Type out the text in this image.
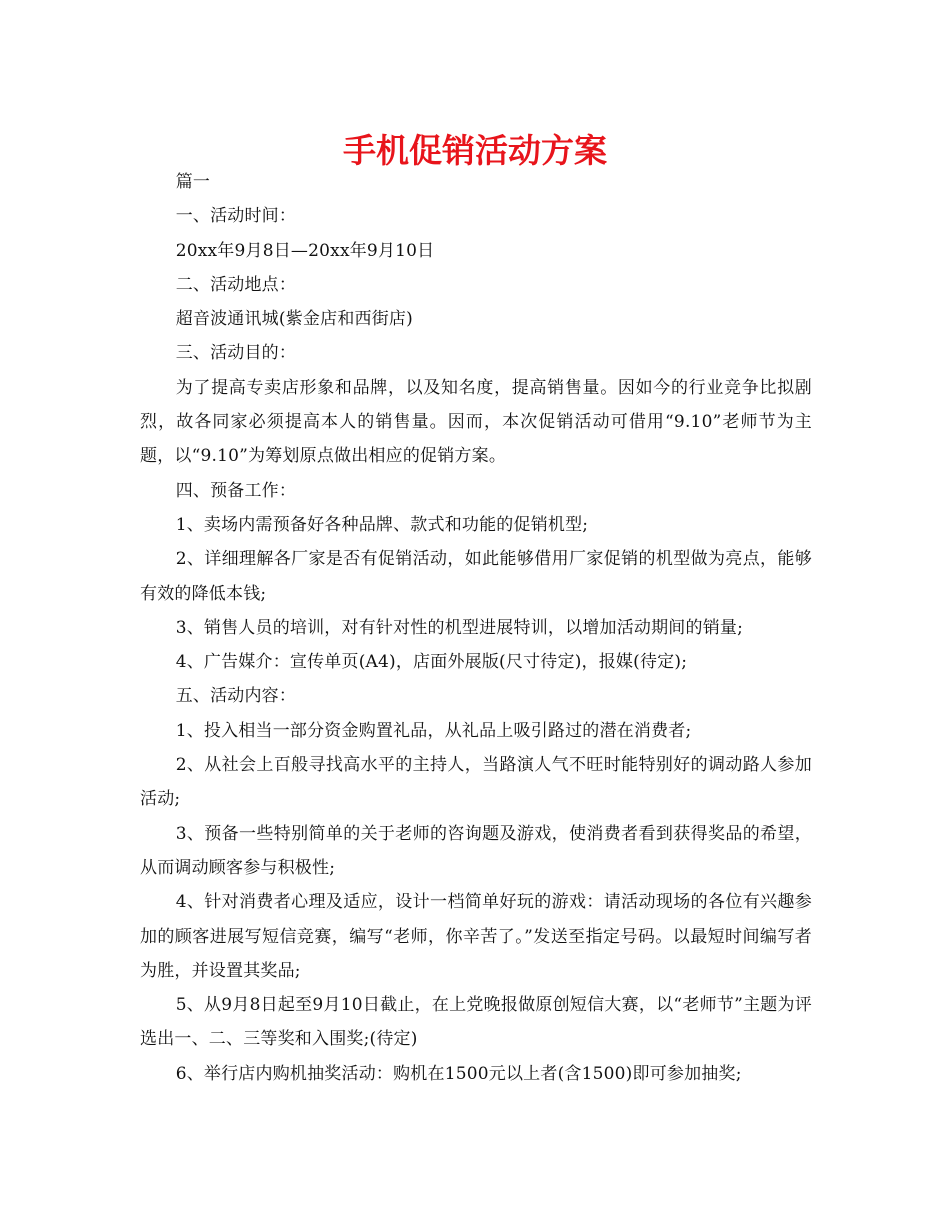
手机促销活动方案

篇一

一、活动时间：

20xx年9月8日—20xx年9月10日

二、活动地点：

超音波通讯城(紫金店和西街店)

三、活动目的：

为了提高专卖店形象和品牌，以及知名度，提高销售量。因如今的行业竞争比拟剧烈，故各同家必须提高本人的销售量。因而，本次促销活动可借用“9.10”老师节为主题，以“9.10”为筹划原点做出相应的促销方案。

四、预备工作：

1、卖场内需预备好各种品牌、款式和功能的促销机型;

2、详细理解各厂家是否有促销活动，如此能够借用厂家促销的机型做为亮点，能够有效的降低本钱;

3、销售人员的培训，对有针对性的机型进展特训，以增加活动期间的销量;

4、广告媒介：宣传单页(A4)，店面外展版(尺寸待定)，报媒(待定);

五、活动内容：

1、投入相当一部分资金购置礼品，从礼品上吸引路过的潜在消费者;

2、从社会上百般寻找高水平的主持人，当路演人气不旺时能特别好的调动路人参加活动;

3、预备一些特别简单的关于老师的咨询题及游戏，使消费者看到获得奖品的希望，从而调动顾客参与积极性;

4、针对消费者心理及适应，设计一档简单好玩的游戏：请活动现场的各位有兴趣参加的顾客进展写短信竞赛，编写“老师，你辛苦了。”发送至指定号码。以最短时间编写者为胜，并设置其奖品;

5、从9月8日起至9月10日截止，在上党晚报做原创短信大赛，以“老师节”主题为评选出一、二、三等奖和入围奖;(待定)

6、举行店内购机抽奖活动：购机在1500元以上者(含1500)即可参加抽奖;
